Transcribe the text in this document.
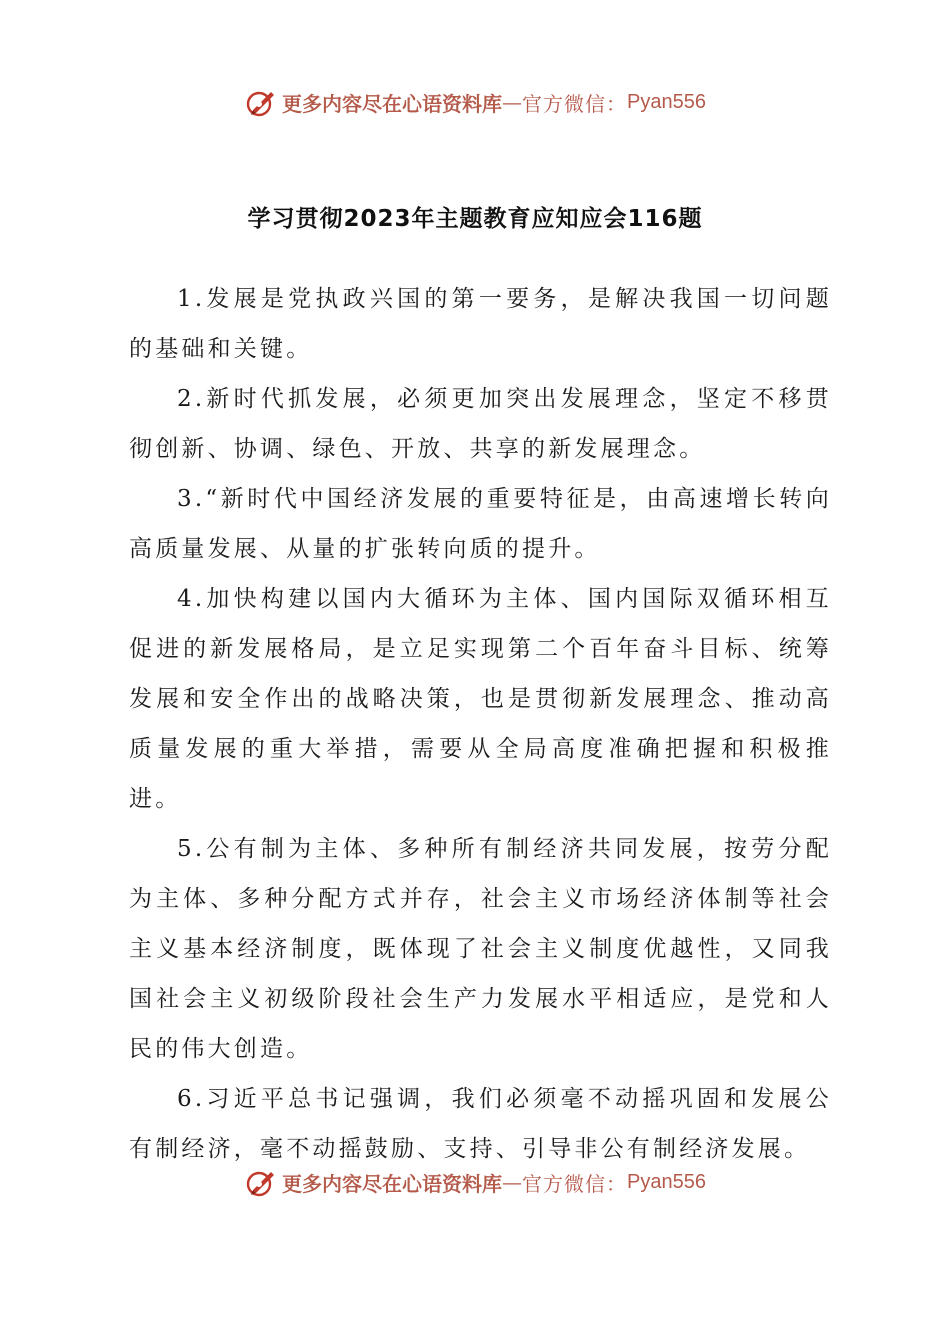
更多内容尽在心语资料库 — 官方微信： Pyan556
学习贯彻2023年主题教育应知应会116题

1.发展是党执政兴国的第一要务，是解决我国一切问题的基础和关键。

2.新时代抓发展，必须更加突出发展理念，坚定不移贯彻创新、协调、绿色、开放、共享的新发展理念。

3.“新时代中国经济发展的重要特征是，由高速增长转向高质量发展、从量的扩张转向质的提升。

4.加快构建以国内大循环为主体、国内国际双循环相互促进的新发展格局，是立足实现第二个百年奋斗目标、统筹发展和安全作出的战略决策，也是贯彻新发展理念、推动高质量发展的重大举措，需要从全局高度准确把握和积极推进。

5.公有制为主体、多种所有制经济共同发展，按劳分配为主体、多种分配方式并存，社会主义市场经济体制等社会主义基本经济制度，既体现了社会主义制度优越性，又同我国社会主义初级阶段社会生产力发展水平相适应，是党和人民的伟大创造。

6.习近平总书记强调，我们必须毫不动摇巩固和发展公有制经济，毫不动摇鼓励、支持、引导非公有制经济发展。

更多内容尽在心语资料库 — 官方微信： Pyan556
